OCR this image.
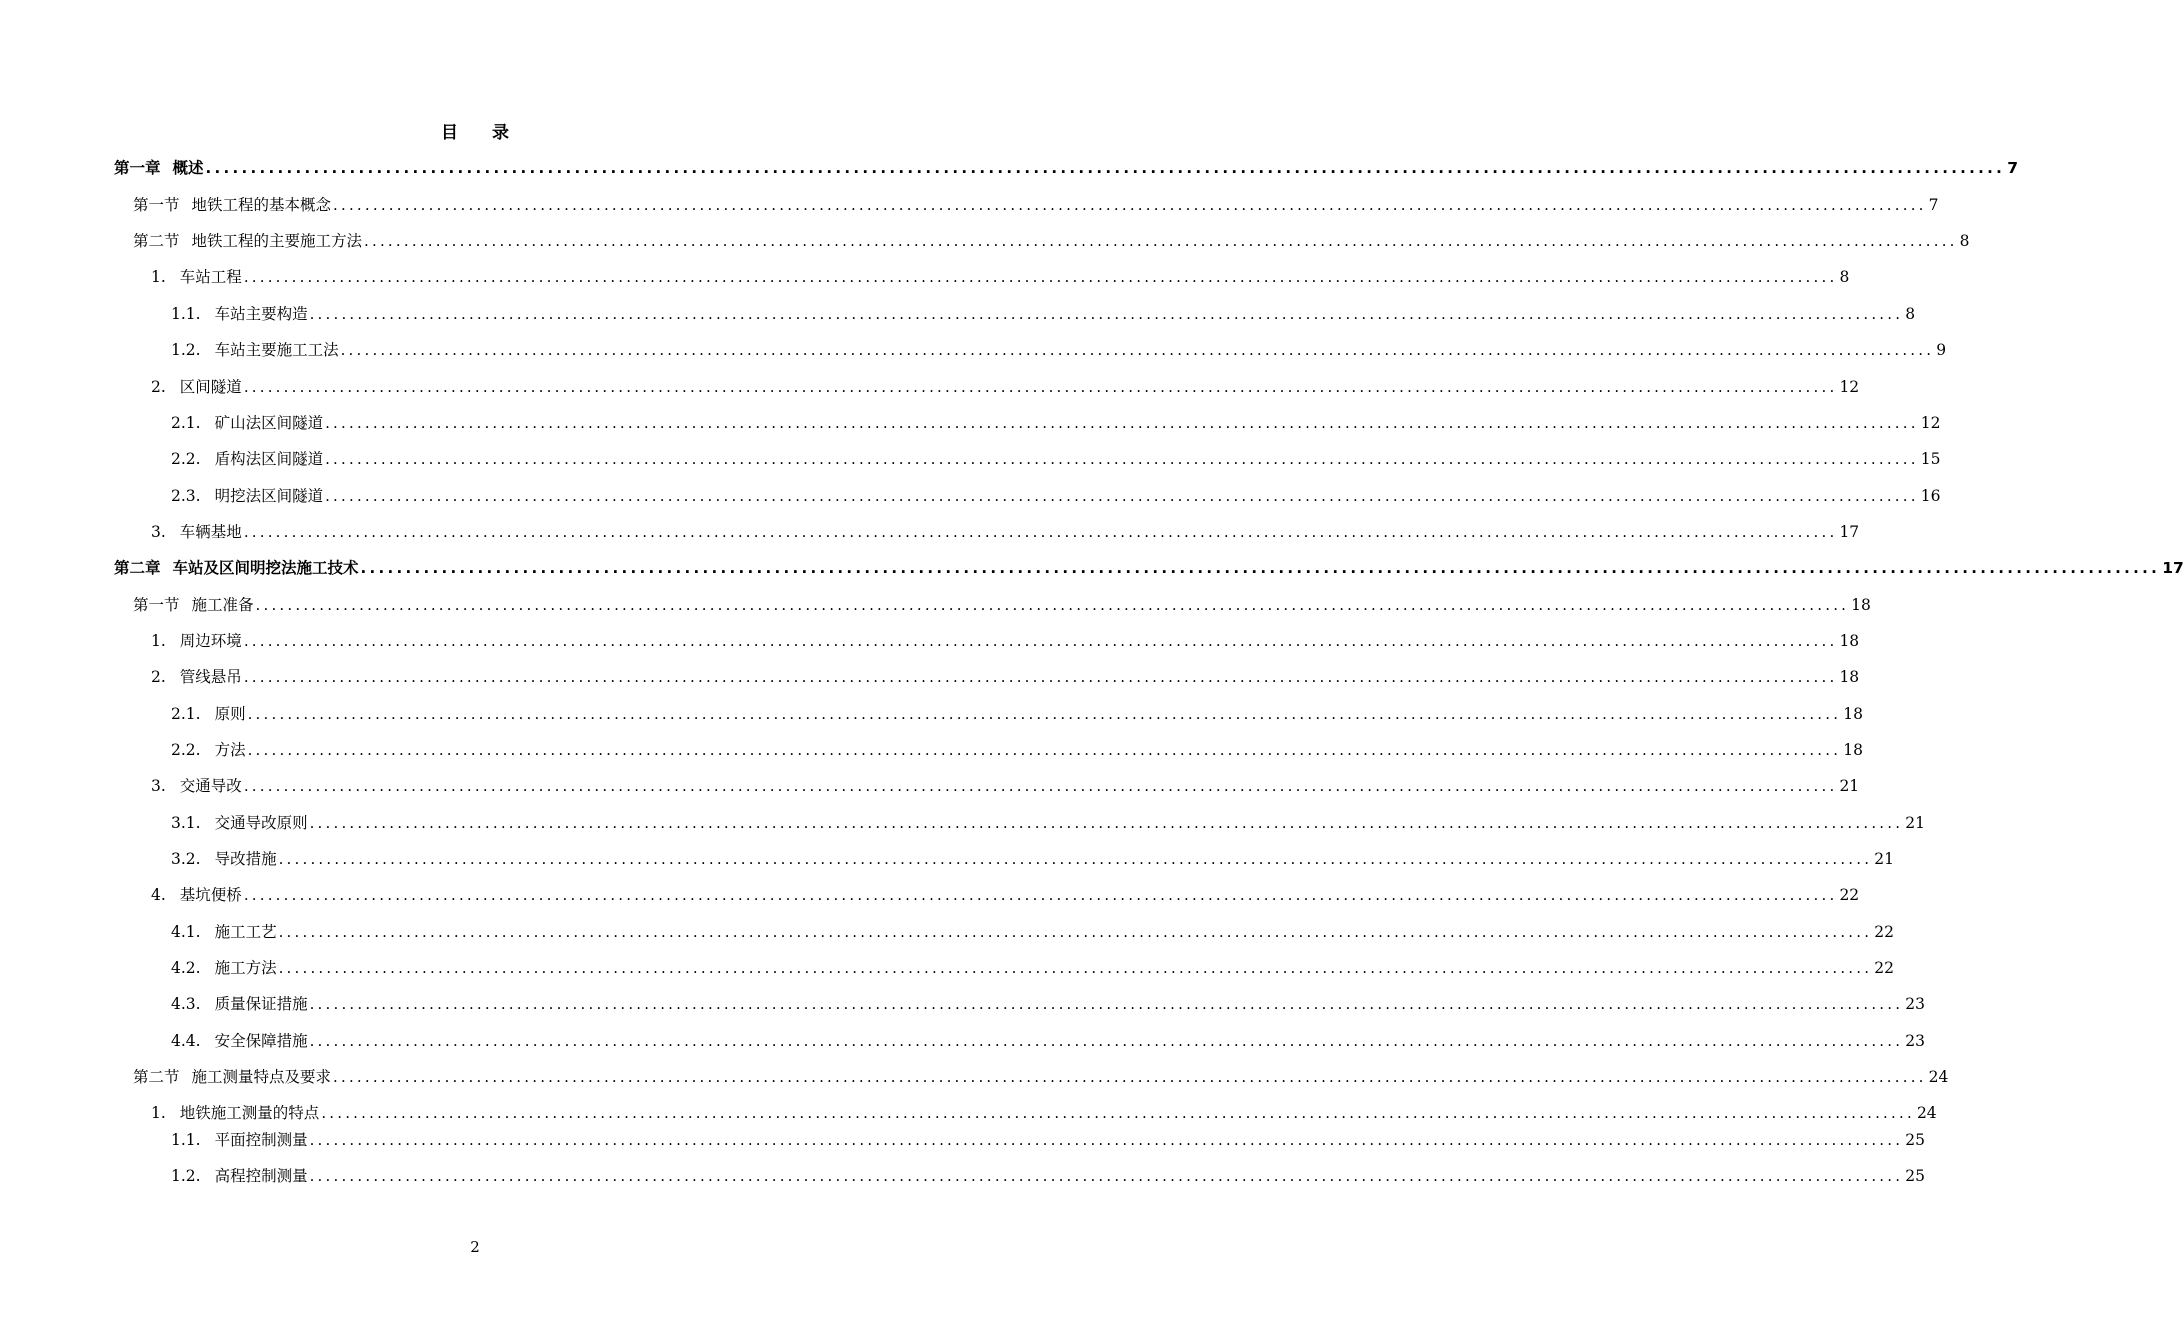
目 录
第一章 概述 ........................................................................................................................................................................................................ 7
第一节 地铁工程的基本概念 ........................................................................................................................................................................................................ 7
第二节 地铁工程的主要施工方法 ........................................................................................................................................................................................................ 8
1. 车站工程 ........................................................................................................................................................................................................ 8
1.1. 车站主要构造 ........................................................................................................................................................................................................ 8
1.2. 车站主要施工工法 ........................................................................................................................................................................................................ 9
2. 区间隧道 ........................................................................................................................................................................................................ 12
2.1. 矿山法区间隧道 ........................................................................................................................................................................................................ 12
2.2. 盾构法区间隧道 ........................................................................................................................................................................................................ 15
2.3. 明挖法区间隧道 ........................................................................................................................................................................................................ 16
3. 车辆基地 ........................................................................................................................................................................................................ 17
第二章 车站及区间明挖法施工技术 ........................................................................................................................................................................................................ 17
第一节 施工准备 ........................................................................................................................................................................................................ 18
1. 周边环境 ........................................................................................................................................................................................................ 18
2. 管线悬吊 ........................................................................................................................................................................................................ 18
2.1. 原则 ........................................................................................................................................................................................................ 18
2.2. 方法 ........................................................................................................................................................................................................ 18
3. 交通导改 ........................................................................................................................................................................................................ 21
3.1. 交通导改原则 ........................................................................................................................................................................................................ 21
3.2. 导改措施 ........................................................................................................................................................................................................ 21
4. 基坑便桥 ........................................................................................................................................................................................................ 22
4.1. 施工工艺 ........................................................................................................................................................................................................ 22
4.2. 施工方法 ........................................................................................................................................................................................................ 22
4.3. 质量保证措施 ........................................................................................................................................................................................................ 23
4.4. 安全保障措施 ........................................................................................................................................................................................................ 23
第二节 施工测量特点及要求 ........................................................................................................................................................................................................ 24
1. 地铁施工测量的特点 ........................................................................................................................................................................................................ 24
1.1. 平面控制测量 ........................................................................................................................................................................................................ 25
1.2. 高程控制测量 ........................................................................................................................................................................................................ 25
2
